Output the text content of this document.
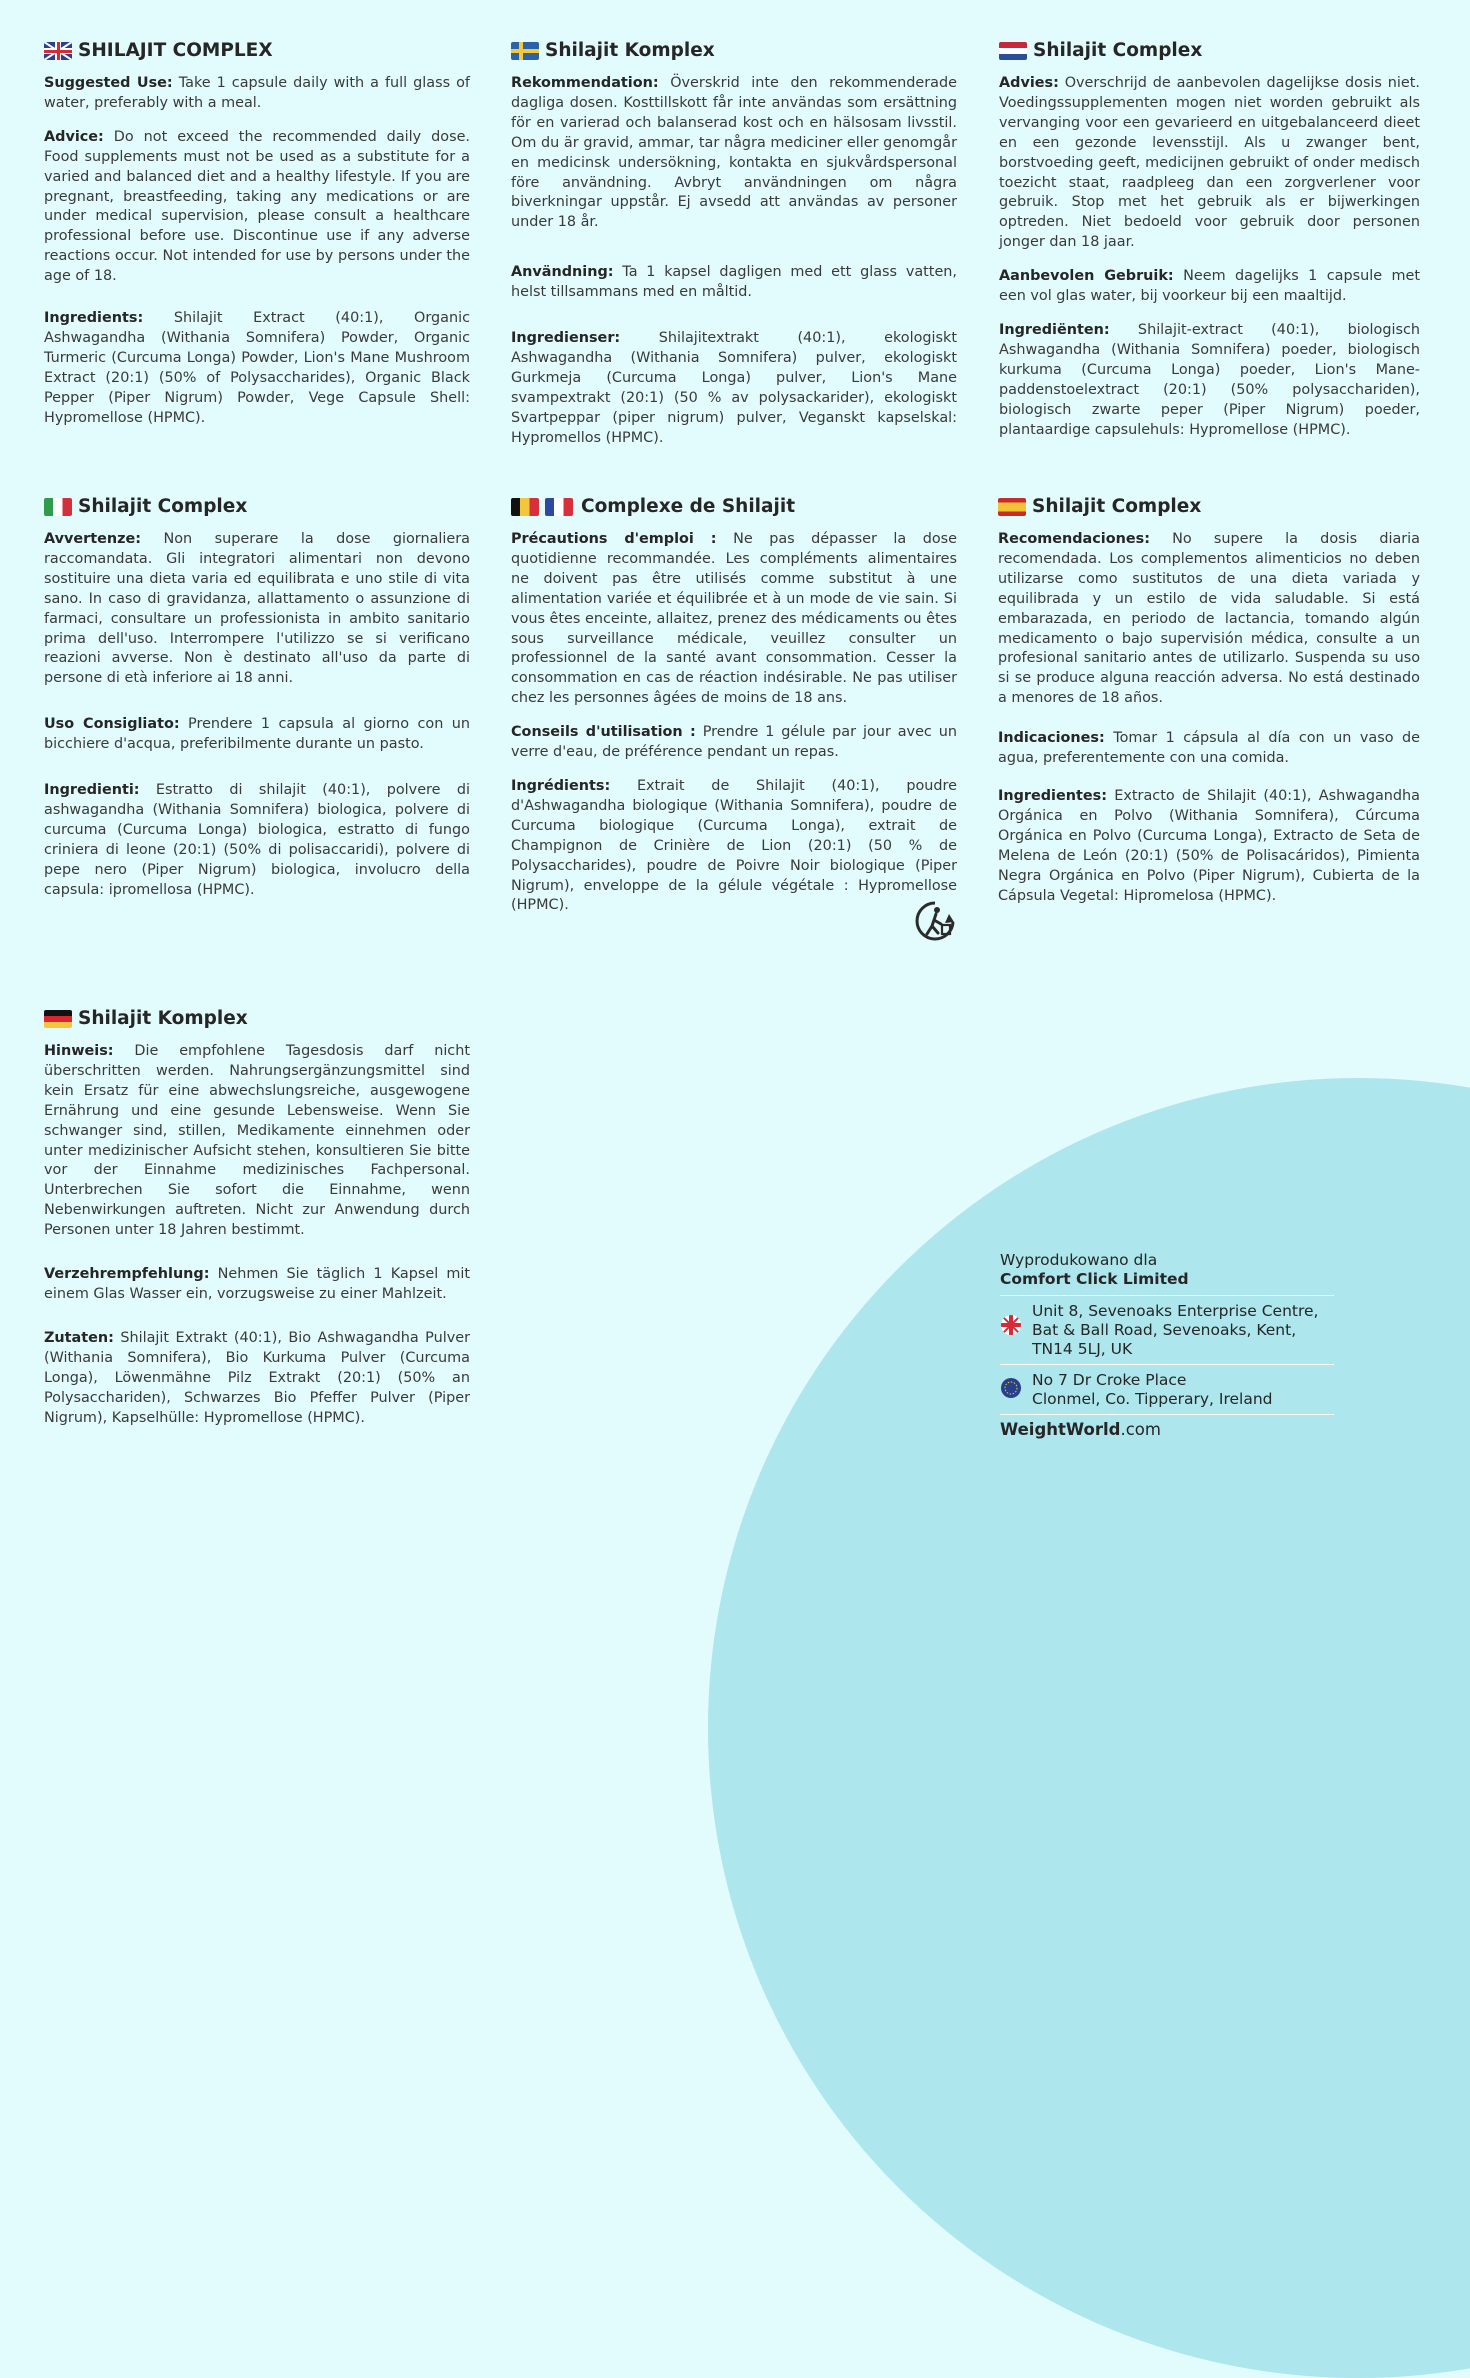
SHILAJIT COMPLEX

Suggested Use: Take 1 capsule daily with a full glass of water, preferably with a meal.

Advice: Do not exceed the recommended daily dose. Food supplements must not be used as a substitute for a varied and balanced diet and a healthy lifestyle. If you are pregnant, breastfeeding, taking any medications or are under medical supervision, please consult a healthcare professional before use. Discontinue use if any adverse reactions occur. Not intended for use by persons under the age of 18.

Ingredients: Shilajit Extract (40:1), Organic Ashwagandha (Withania Somnifera) Powder, Organic Turmeric (Curcuma Longa) Powder, Lion's Mane Mushroom Extract (20:1) (50% of Polysaccharides), Organic Black Pepper (Piper Nigrum) Powder, Vege Capsule Shell: Hypromellose (HPMC).

Shilajit Komplex

Rekommendation: Överskrid inte den rekommenderade dagliga dosen. Kosttillskott får inte användas som ersättning för en varierad och balanserad kost och en hälsosam livsstil. Om du är gravid, ammar, tar några mediciner eller genomgår en medicinsk undersökning, kontakta en sjukvårdspersonal före användning. Avbryt användningen om några biverkningar uppstår. Ej avsedd att användas av personer under 18 år.

Användning: Ta 1 kapsel dagligen med ett glass vatten, helst tillsammans med en måltid.

Ingredienser: Shilajitextrakt (40:1), ekologiskt Ashwagandha (Withania Somnifera) pulver, ekologiskt Gurkmeja (Curcuma Longa) pulver, Lion's Mane svampextrakt (20:1) (50 % av polysackarider), ekologiskt Svartpeppar (piper nigrum) pulver, Veganskt kapselskal: Hypromellos (HPMC).

Shilajit Complex

Advies: Overschrijd de aanbevolen dagelijkse dosis niet. Voedingssupplementen mogen niet worden gebruikt als vervanging voor een gevarieerd en uitgebalanceerd dieet en een gezonde levensstijl. Als u zwanger bent, borstvoeding geeft, medicijnen gebruikt of onder medisch toezicht staat, raadpleeg dan een zorgverlener voor gebruik. Stop met het gebruik als er bijwerkingen optreden. Niet bedoeld voor gebruik door personen jonger dan 18 jaar.

Aanbevolen Gebruik: Neem dagelijks 1 capsule met een vol glas water, bij voorkeur bij een maaltijd.

Ingrediënten: Shilajit-extract (40:1), biologisch Ashwagandha (Withania Somnifera) poeder, biologisch kurkuma (Curcuma Longa) poeder, Lion's Mane-paddenstoelextract (20:1) (50% polysacchariden), biologisch zwarte peper (Piper Nigrum) poeder, plantaardige capsulehuls: Hypromellose (HPMC).

Shilajit Complex

Avvertenze: Non superare la dose giornaliera raccomandata. Gli integratori alimentari non devono sostituire una dieta varia ed equilibrata e uno stile di vita sano. In caso di gravidanza, allattamento o assunzione di farmaci, consultare un professionista in ambito sanitario prima dell'uso. Interrompere l'utilizzo se si verificano reazioni avverse. Non è destinato all'uso da parte di persone di età inferiore ai 18 anni.

Uso Consigliato: Prendere 1 capsula al giorno con un bicchiere d'acqua, preferibilmente durante un pasto.

Ingredienti: Estratto di shilajit (40:1), polvere di ashwagandha (Withania Somnifera) biologica, polvere di curcuma (Curcuma Longa) biologica, estratto di fungo criniera di leone (20:1) (50% di polisaccaridi), polvere di pepe nero (Piper Nigrum) biologica, involucro della capsula: ipromellosa (HPMC).

Complexe de Shilajit

Précautions d'emploi : Ne pas dépasser la dose quotidienne recommandée. Les compléments alimentaires ne doivent pas être utilisés comme substitut à une alimentation variée et équilibrée et à un mode de vie sain. Si vous êtes enceinte, allaitez, prenez des médicaments ou êtes sous surveillance médicale, veuillez consulter un professionnel de la santé avant consommation. Cesser la consommation en cas de réaction indésirable. Ne pas utiliser chez les personnes âgées de moins de 18 ans.

Conseils d'utilisation : Prendre 1 gélule par jour avec un verre d'eau, de préférence pendant un repas.

Ingrédients: Extrait de Shilajit (40:1), poudre d'Ashwagandha biologique (Withania Somnifera), poudre de Curcuma biologique (Curcuma Longa), extrait de Champignon de Crinière de Lion (20:1) (50 % de Polysaccharides), poudre de Poivre Noir biologique (Piper Nigrum), enveloppe de la gélule végétale : Hypromellose (HPMC).

Shilajit Complex

Recomendaciones: No supere la dosis diaria recomendada. Los complementos alimenticios no deben utilizarse como sustitutos de una dieta variada y equilibrada y un estilo de vida saludable. Si está embarazada, en periodo de lactancia, tomando algún medicamento o bajo supervisión médica, consulte a un profesional sanitario antes de utilizarlo. Suspenda su uso si se produce alguna reacción adversa. No está destinado a menores de 18 años.

Indicaciones: Tomar 1 cápsula al día con un vaso de agua, preferentemente con una comida.

Ingredientes: Extracto de Shilajit (40:1), Ashwagandha Orgánica en Polvo (Withania Somnifera), Cúrcuma Orgánica en Polvo (Curcuma Longa), Extracto de Seta de Melena de León (20:1) (50% de Polisacáridos), Pimienta Negra Orgánica en Polvo (Piper Nigrum), Cubierta de la Cápsula Vegetal: Hipromelosa (HPMC).

Shilajit Komplex

Hinweis: Die empfohlene Tagesdosis darf nicht überschritten werden. Nahrungsergänzungsmittel sind kein Ersatz für eine abwechslungsreiche, ausgewogene Ernährung und eine gesunde Lebensweise. Wenn Sie schwanger sind, stillen, Medikamente einnehmen oder unter medizinischer Aufsicht stehen, konsultieren Sie bitte vor der Einnahme medizinisches Fachpersonal. Unterbrechen Sie sofort die Einnahme, wenn Nebenwirkungen auftreten. Nicht zur Anwendung durch Personen unter 18 Jahren bestimmt.

Verzehrempfehlung: Nehmen Sie täglich 1 Kapsel mit einem Glas Wasser ein, vorzugsweise zu einer Mahlzeit.

Zutaten: Shilajit Extrakt (40:1), Bio Ashwagandha Pulver (Withania Somnifera), Bio Kurkuma Pulver (Curcuma Longa), Löwenmähne Pilz Extrakt (20:1) (50% an Polysacchariden), Schwarzes Bio Pfeffer Pulver (Piper Nigrum), Kapselhülle: Hypromellose (HPMC).

Wyprodukowano dla

Comfort Click Limited

Unit 8, Sevenoaks Enterprise Centre,
Bat & Ball Road, Sevenoaks, Kent,
TN14 5LJ, UK
No 7 Dr Croke Place
Clonmel, Co. Tipperary, Ireland
WeightWorld.com
